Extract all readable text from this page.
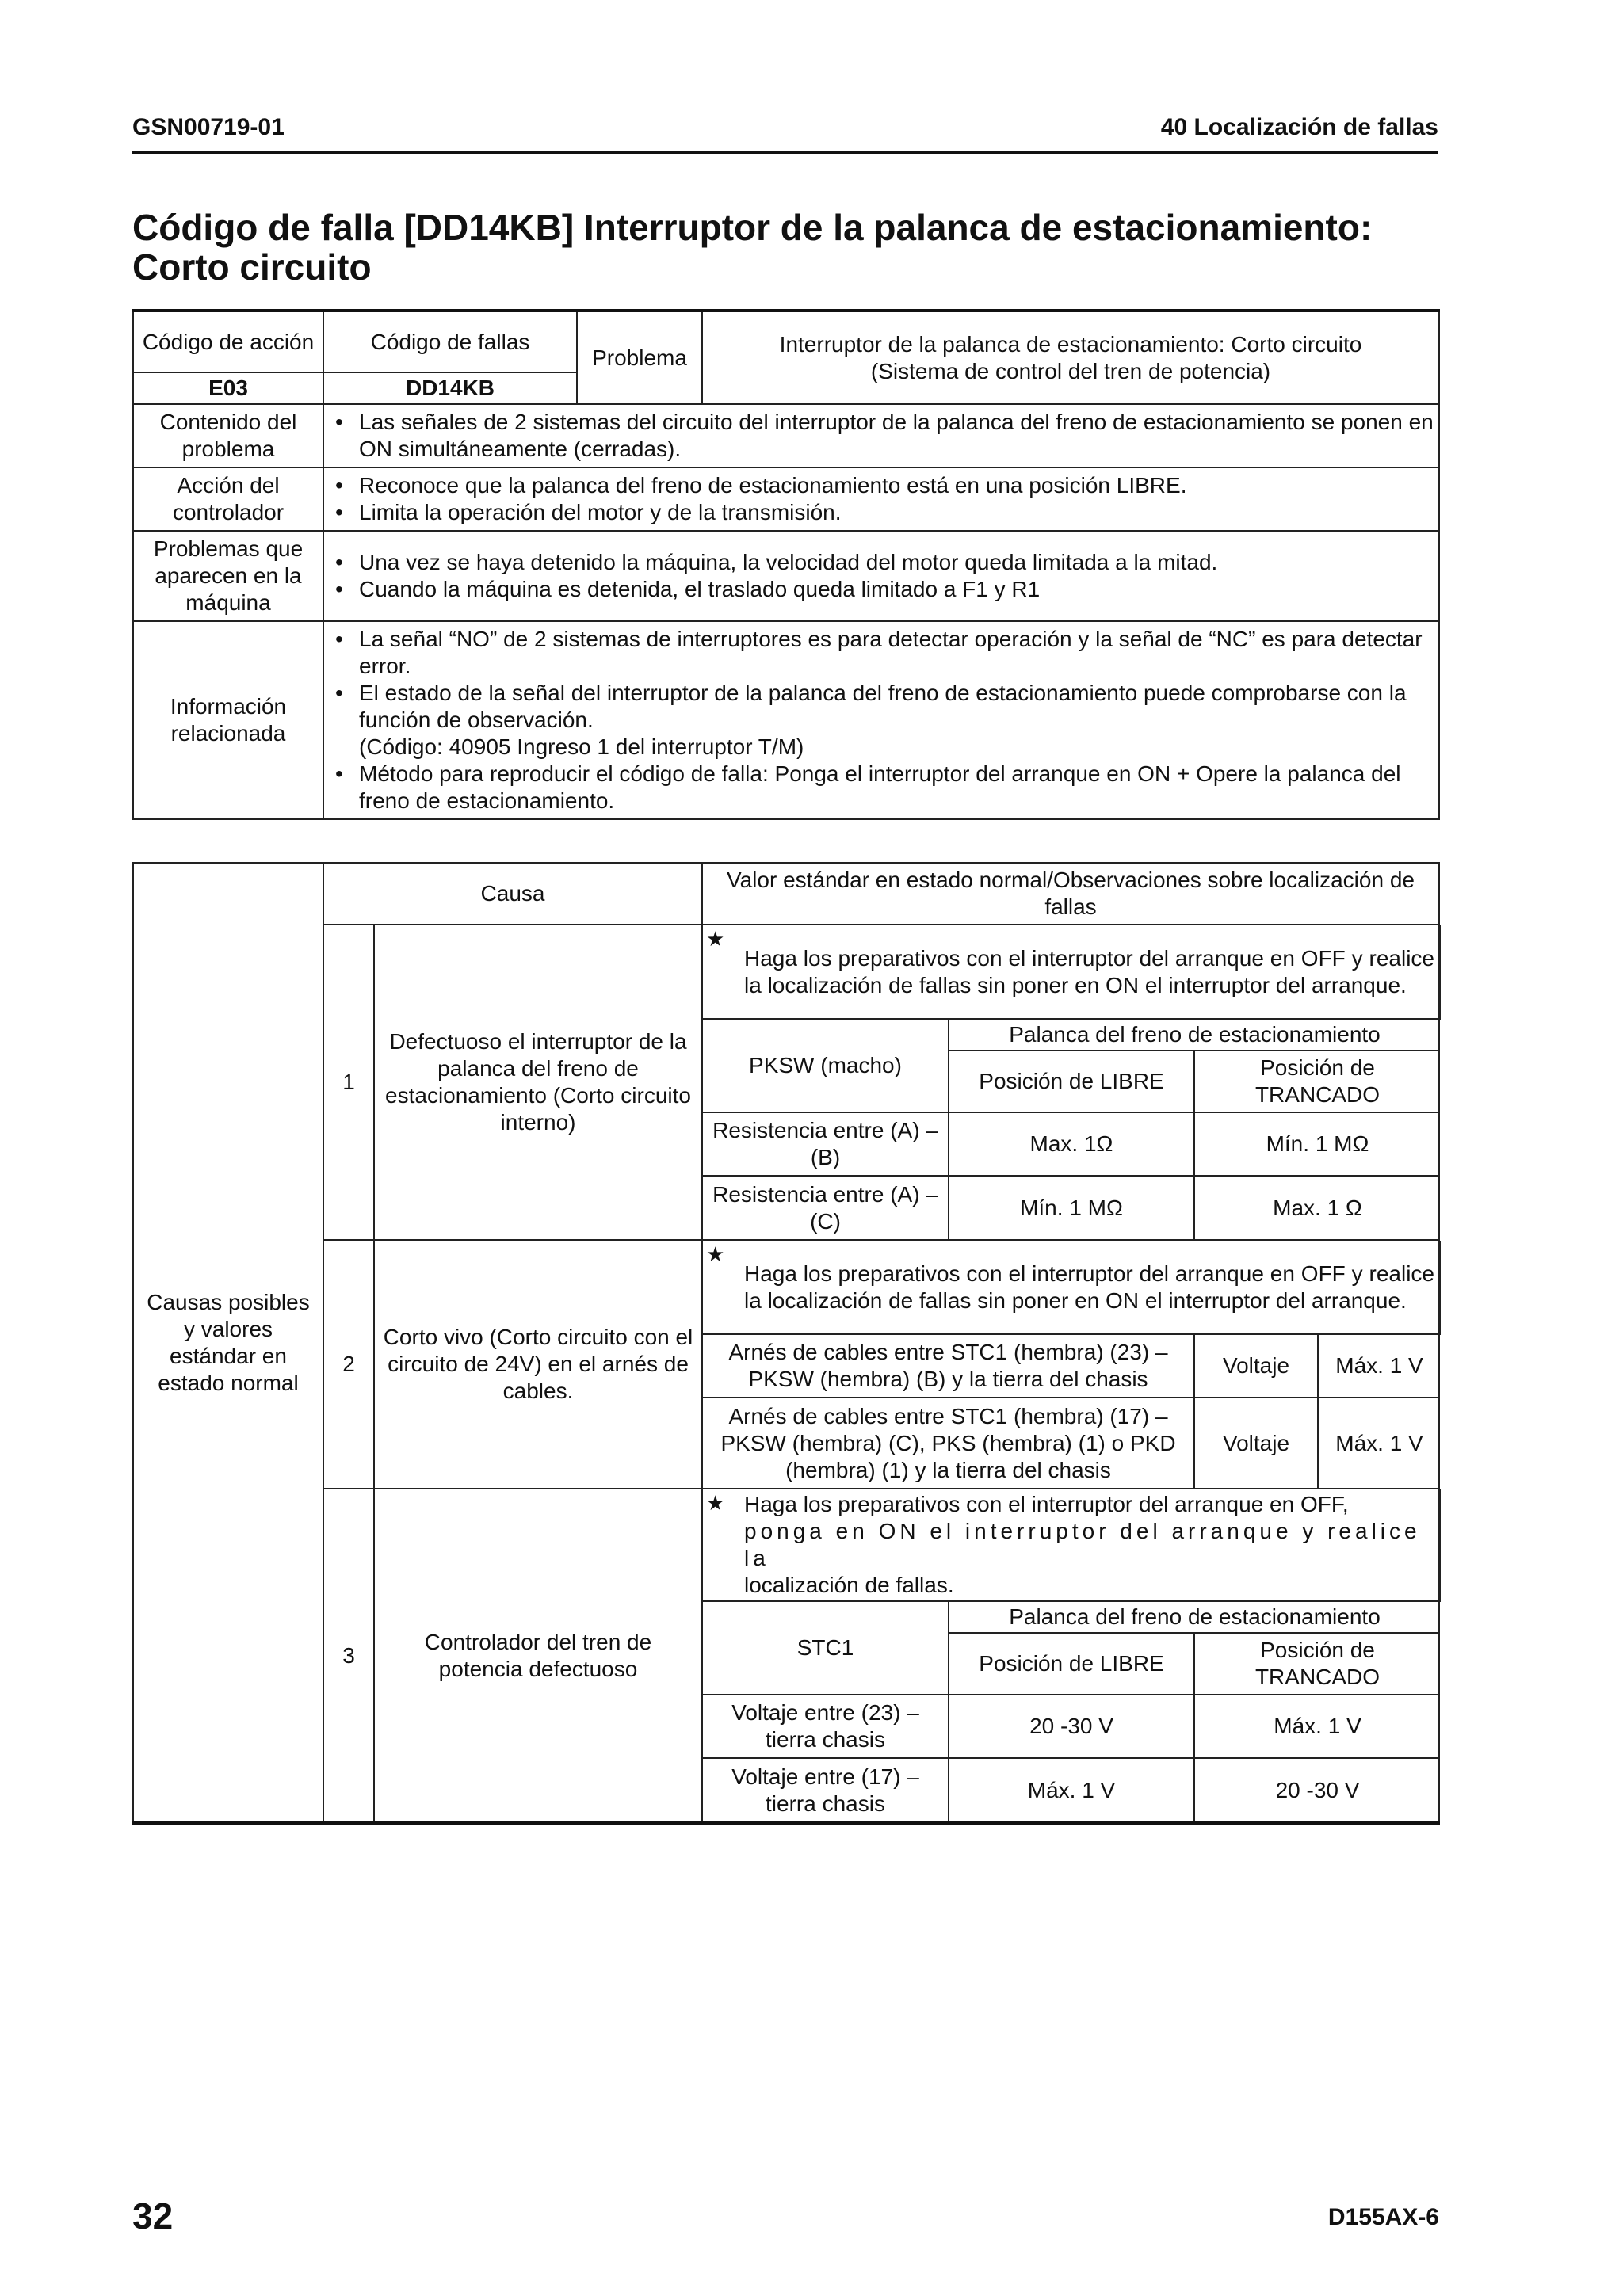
GSN00719-01	40 Localización de fallas
Código de falla [DD14KB] Interruptor de la palanca de estacionamiento: Corto circuito
Código de acción	Código de fallas	Problema	Interruptor de la palanca de estacionamiento: Corto circuito
(Sistema de control del tren de potencia)

E03	DD14KB		
Contenido del problema	• Las señales de 2 sistemas del circuito del interruptor de la palanca del freno de estacionamiento se ponen en ON simultáneamente (cerradas).

Acción del controlador	• Reconoce que la palanca del freno de estacionamiento está en una posición LIBRE.
• Limita la operación del motor y de la transmisión.

Problemas que aparecen en la máquina	• Una vez se haya detenido la máquina, la velocidad del motor queda limitada a la mitad.
• Cuando la máquina es detenida, el traslado queda limitado a F1 y R1

Información relacionada	• La señal “NO” de 2 sistemas de interruptores es para detectar operación y la señal de “NC” es para detectar error.
• El estado de la señal del interruptor de la palanca del freno de estacionamiento puede comprobarse con la función de observación.
(Código: 40905 Ingreso 1 del interruptor T/M)
• Método para reproducir el código de falla: Ponga el interruptor del arranque en ON + Opere la palanca del freno de estacionamiento.
Causas posibles y valores estándar en estado normal	Causa	Valor estándar en estado normal/Observaciones sobre localización de fallas
1	Defectuoso el interruptor de la palanca del freno de estacionamiento (Corto circuito interno)	
★ Haga los preparativos con el interruptor del arranque en OFF y realice la localización de fallas sin poner en ON el interruptor del arranque.
PKSW (macho)	Palanca del freno de estacionamiento
Posición de LIBRE	Posición de TRANCADO
Resistencia entre (A) – (B)	Max. 1Ω	Mín. 1 MΩ
Resistencia entre (A) – (C)	Mín. 1 MΩ	Max. 1 Ω

2	Corto vivo (Corto circuito con el circuito de 24V) en el arnés de cables.	
★ Haga los preparativos con el interruptor del arranque en OFF y realice la localización de fallas sin poner en ON el interruptor del arranque.
Arnés de cables entre STC1 (hembra) (23) – PKSW (hembra) (B) y la tierra del chasis	Voltaje	Máx. 1 V
Arnés de cables entre STC1 (hembra) (17) – PKSW (hembra) (C), PKS (hembra) (1) o PKD (hembra) (1) y la tierra del chasis	Voltaje	Máx. 1 V

3	Controlador del tren de potencia defectuoso	
★ Haga los preparativos con el interruptor del arranque en OFF,
ponga en ON el interruptor del arranque y realice la
localización de fallas.

STC1	Palanca del freno de estacionamiento
Posición de LIBRE	Posición de TRANCADO
Voltaje entre (23) – tierra chasis	20 -30 V	Máx. 1 V
Voltaje entre (17) – tierra chasis	Máx. 1 V	20 -30 V
32	D155AX-6
